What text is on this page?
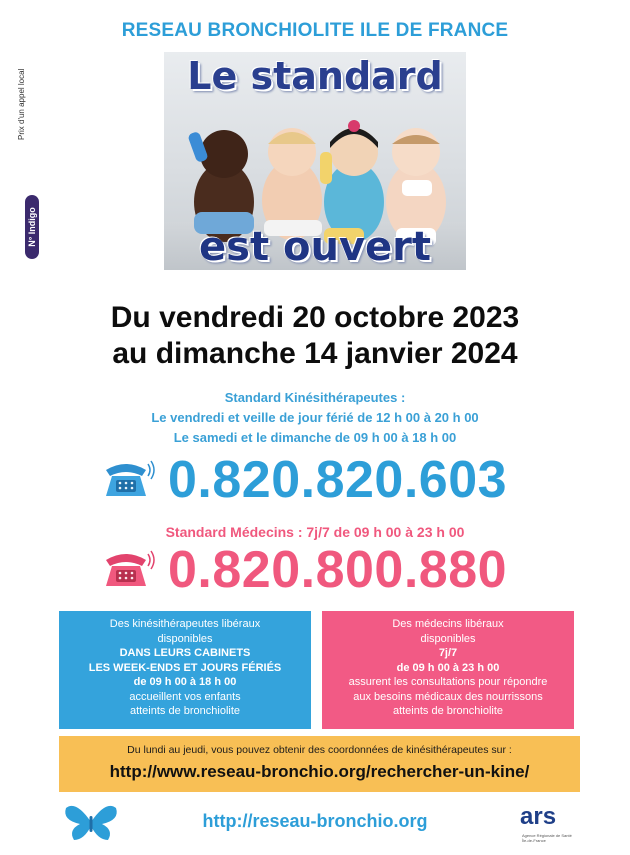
RESEAU BRONCHIOLITE ILE DE FRANCE
Prix d'un appel local
N° Indigo
Le standard
est ouvert
Du vendredi 20 octobre 2023
au dimanche 14 janvier 2024
Standard Kinésithérapeutes :
Le vendredi et veille de jour férié de 12 h 00 à 20 h 00
Le samedi et le dimanche de 09 h 00 à 18 h 00
0.820.820.603
Standard Médecins : 7j/7 de 09 h 00 à 23 h 00
0.820.800.880
Des kinésithérapeutes libéraux
disponibles
DANS LEURS CABINETS
LES WEEK-ENDS ET JOURS FÉRIÉS
de 09 h 00 à 18 h 00
accueillent vos enfants
atteints de bronchiolite
Des médecins libéraux
disponibles
7j/7
de 09 h 00 à 23 h 00
assurent les consultations pour répondre
aux besoins médicaux des nourrissons
atteints de bronchiolite
Du lundi au jeudi, vous pouvez obtenir des coordonnées de kinésithérapeutes sur :
http://www.reseau-bronchio.org/rechercher-un-kine/
http://reseau-bronchio.org	ars
Agence Régionale de Santé Île-de-France
